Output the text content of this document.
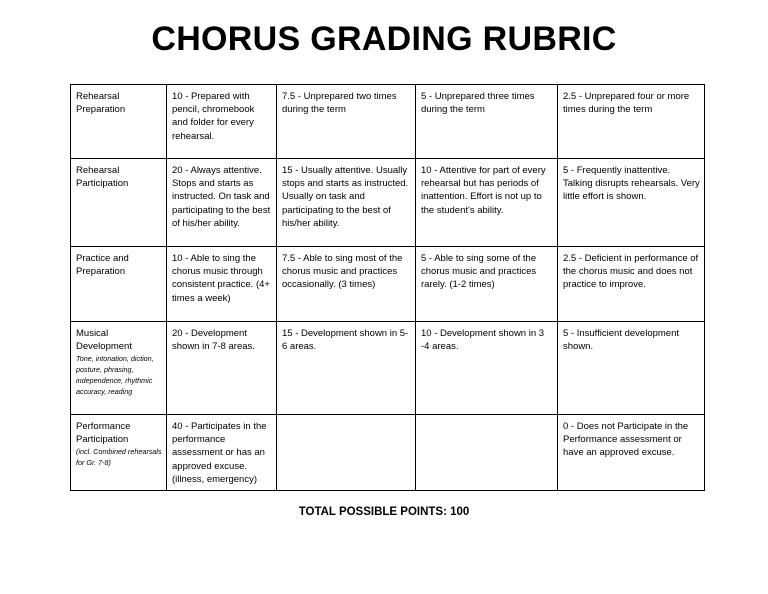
CHORUS GRADING RUBRIC
Rehearsal Preparation	10 - Prepared with pencil, chromebook and folder for every rehearsal.	7.5 - Unprepared two times during the term	5 - Unprepared three times during the term	2.5 - Unprepared four or more times during the term

Rehearsal Participation	20 - Always attentive. Stops and starts as instructed. On task and participating to the best of his/her ability.	15 - Usually attentive. Usually stops and starts as instructed. Usually on task and participating to the best of his/her ability.	10 - Attentive for part of every rehearsal but has periods of inattention. Effort is not up to the student's ability.	5 - Frequently inattentive. Talking disrupts rehearsals. Very little effort is shown.

Practice and Preparation	10 - Able to sing the chorus music through consistent practice. (4+ times a week)	7.5 - Able to sing most of the chorus music and practices occasionally. (3 times)	5 - Able to sing some of the chorus music and practices rarely. (1-2 times)	2.5 - Deficient in performance of the chorus music and does not practice to improve.

Musical Development
Tone, intonation, diction, posture, phrasing, independence, rhythmic accuracy, reading	20 - Development shown in 7-8 areas.	15 - Development shown in 5-6 areas.	10 - Development shown in 3 -4 areas.	5 - Insufficient development shown.

Performance Participation
(incl. Combined rehearsals for Gr. 7-8)	40 - Participates in the performance assessment or has an approved excuse. (illness, emergency)			0 - Does not Participate in the Performance assessment or have an approved excuse.
TOTAL POSSIBLE POINTS: 100
